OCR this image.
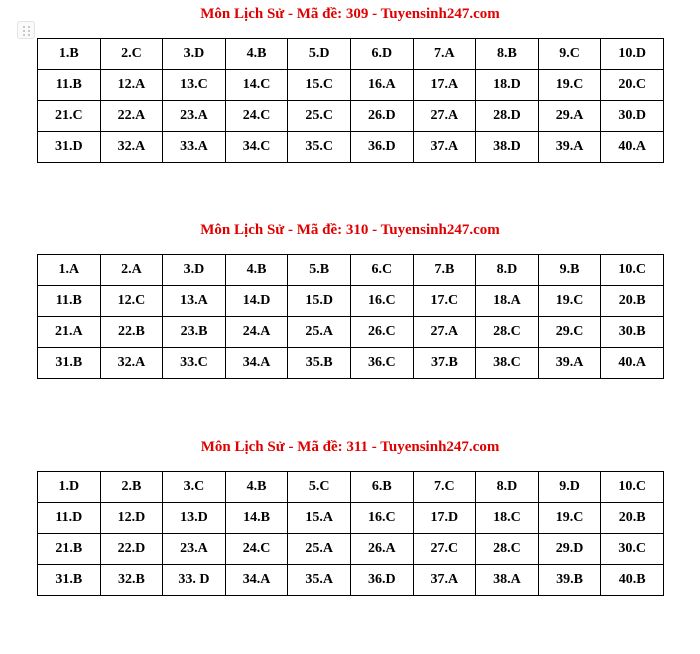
Môn Lịch Sử - Mã đề: 309 - Tuyensinh247.com
1.B	2.C	3.D	4.B	5.D	6.D	7.A	8.B	9.C	10.D
11.B	12.A	13.C	14.C	15.C	16.A	17.A	18.D	19.C	20.C
21.C	22.A	23.A	24.C	25.C	26.D	27.A	28.D	29.A	30.D
31.D	32.A	33.A	34.C	35.C	36.D	37.A	38.D	39.A	40.A
Môn Lịch Sử - Mã đề: 310 - Tuyensinh247.com
1.A	2.A	3.D	4.B	5.B	6.C	7.B	8.D	9.B	10.C
11.B	12.C	13.A	14.D	15.D	16.C	17.C	18.A	19.C	20.B
21.A	22.B	23.B	24.A	25.A	26.C	27.A	28.C	29.C	30.B
31.B	32.A	33.C	34.A	35.B	36.C	37.B	38.C	39.A	40.A
Môn Lịch Sử - Mã đề: 311 - Tuyensinh247.com
1.D	2.B	3.C	4.B	5.C	6.B	7.C	8.D	9.D	10.C
11.D	12.D	13.D	14.B	15.A	16.C	17.D	18.C	19.C	20.B
21.B	22.D	23.A	24.C	25.A	26.A	27.C	28.C	29.D	30.C
31.B	32.B	33. D	34.A	35.A	36.D	37.A	38.A	39.B	40.B
